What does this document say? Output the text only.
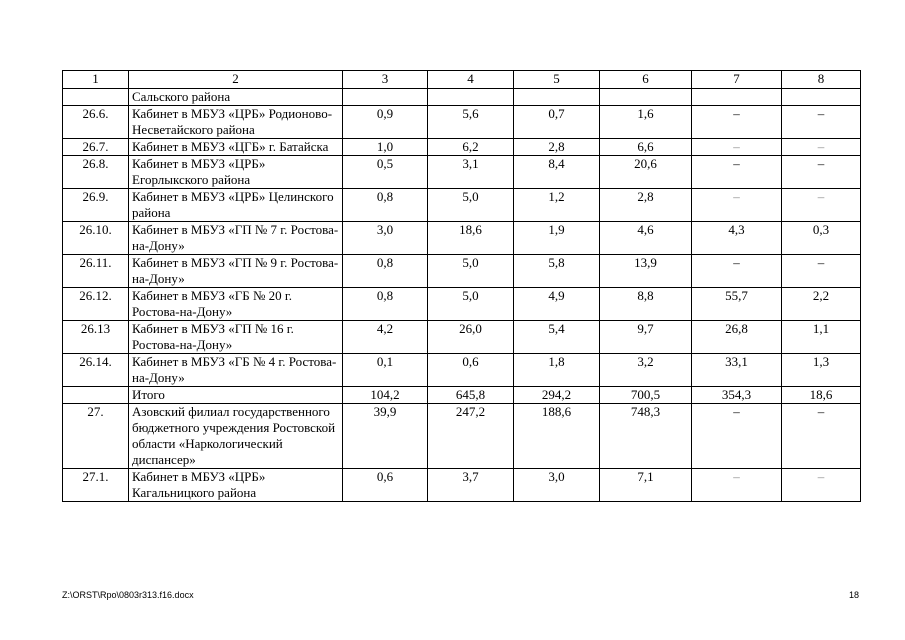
1	2	3	4	5	6	7	8
	Сальского района						
26.6.	Кабинет в МБУЗ «ЦРБ» Родионово-Несветайского района	0,9	5,6	0,7	1,6	–	–
26.7.	Кабинет в МБУЗ «ЦГБ» г. Батайска	1,0	6,2	2,8	6,6	–	–
26.8.	Кабинет в МБУЗ «ЦРБ» Егорлыкского района	0,5	3,1	8,4	20,6	–	–
26.9.	Кабинет в МБУЗ «ЦРБ» Целинского района	0,8	5,0	1,2	2,8	–	–
26.10.	Кабинет в МБУЗ «ГП № 7 г. Ростова-на-Дону»	3,0	18,6	1,9	4,6	4,3	0,3
26.11.	Кабинет в МБУЗ «ГП № 9 г. Ростова-на-Дону»	0,8	5,0	5,8	13,9	–	–
26.12.	Кабинет в МБУЗ «ГБ № 20 г. Ростова-на-Дону»	0,8	5,0	4,9	8,8	55,7	2,2
26.13	Кабинет в МБУЗ «ГП № 16 г. Ростова-на-Дону»	4,2	26,0	5,4	9,7	26,8	1,1
26.14.	Кабинет в МБУЗ «ГБ № 4 г. Ростова-на-Дону»	0,1	0,6	1,8	3,2	33,1	1,3
	Итого	104,2	645,8	294,2	700,5	354,3	18,6
27.	Азовский филиал государственного бюджетного учреждения Ростовской области «Наркологический диспансер»	39,9	247,2	188,6	748,3	–	–
27.1.	Кабинет в МБУЗ «ЦРБ» Кагальницкого района	0,6	3,7	3,0	7,1	–	–
Z:\ORST\Rpo\0803r313.f16.docx	18
